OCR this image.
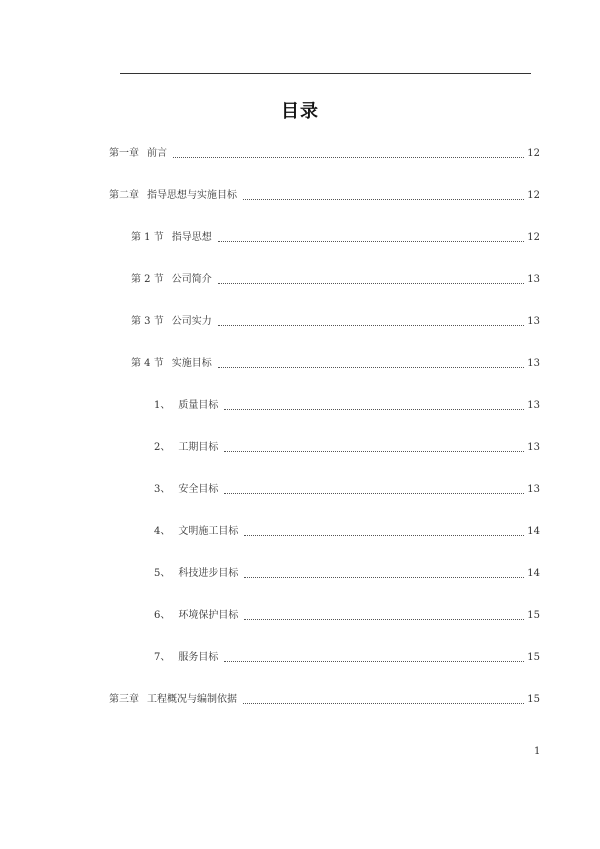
目录
第一章 前言	12
第二章 指导思想与实施目标	12
第 1 节 指导思想	12
第 2 节 公司简介	13
第 3 节 公司实力	13
第 4 节 实施目标	13
1、 质量目标	13
2、 工期目标	13
3、 安全目标	13
4、 文明施工目标	14
5、 科技进步目标	14
6、 环境保护目标	15
7、 服务目标	15
第三章 工程概况与编制依据	15
1
